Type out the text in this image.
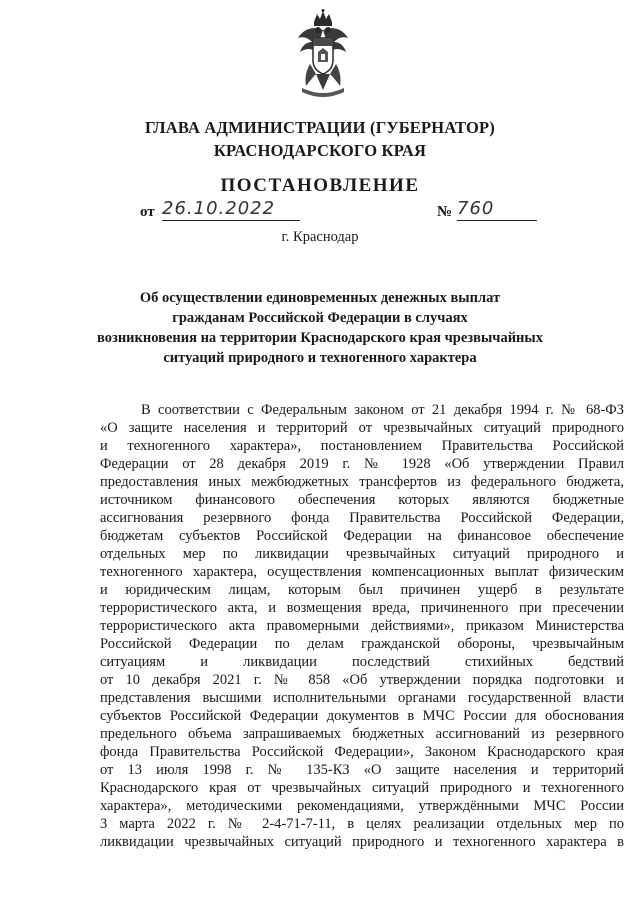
ГЛАВА АДМИНИСТРАЦИИ (ГУБЕРНАТОР)
КРАСНОДАРСКОГО КРАЯ
ПОСТАНОВЛЕНИЕ
от 26.10.2022	№ 760
г. Краснодар
Об осуществлении единовременных денежных выплат
гражданам Российской Федерации в случаях
возникновения на территории Краснодарского края чрезвычайных
ситуаций природного и техногенного характера
В соответствии с Федеральным законом от 21 декабря 1994 г. № 68-ФЗ
«О защите населения и территорий от чрезвычайных ситуаций природного
и техногенного характера», постановлением Правительства Российской
Федерации от 28 декабря 2019 г. № 1928 «Об утверждении Правил
предоставления иных межбюджетных трансфертов из федерального бюджета,
источником финансового обеспечения которых являются бюджетные
ассигнования резервного фонда Правительства Российской Федерации,
бюджетам субъектов Российской Федерации на финансовое обеспечение
отдельных мер по ликвидации чрезвычайных ситуаций природного и
техногенного характера, осуществления компенсационных выплат физическим
и юридическим лицам, которым был причинен ущерб в результате
террористического акта, и возмещения вреда, причиненного при пресечении
террористического акта правомерными действиями», приказом Министерства
Российской Федерации по делам гражданской обороны, чрезвычайным
ситуациям и ликвидации последствий стихийных бедствий
от 10 декабря 2021 г. № 858 «Об утверждении порядка подготовки и
представления высшими исполнительными органами государственной власти
субъектов Российской Федерации документов в МЧС России для обоснования
предельного объема запрашиваемых бюджетных ассигнований из резервного
фонда Правительства Российской Федерации», Законом Краснодарского края
от 13 июля 1998 г. № 135-КЗ «О защите населения и территорий
Краснодарского края от чрезвычайных ситуаций природного и техногенного
характера», методическими рекомендациями, утверждёнными МЧС России
3 марта 2022 г. № 2-4-71-7-11, в целях реализации отдельных мер по
ликвидации чрезвычайных ситуаций природного и техногенного характера в
